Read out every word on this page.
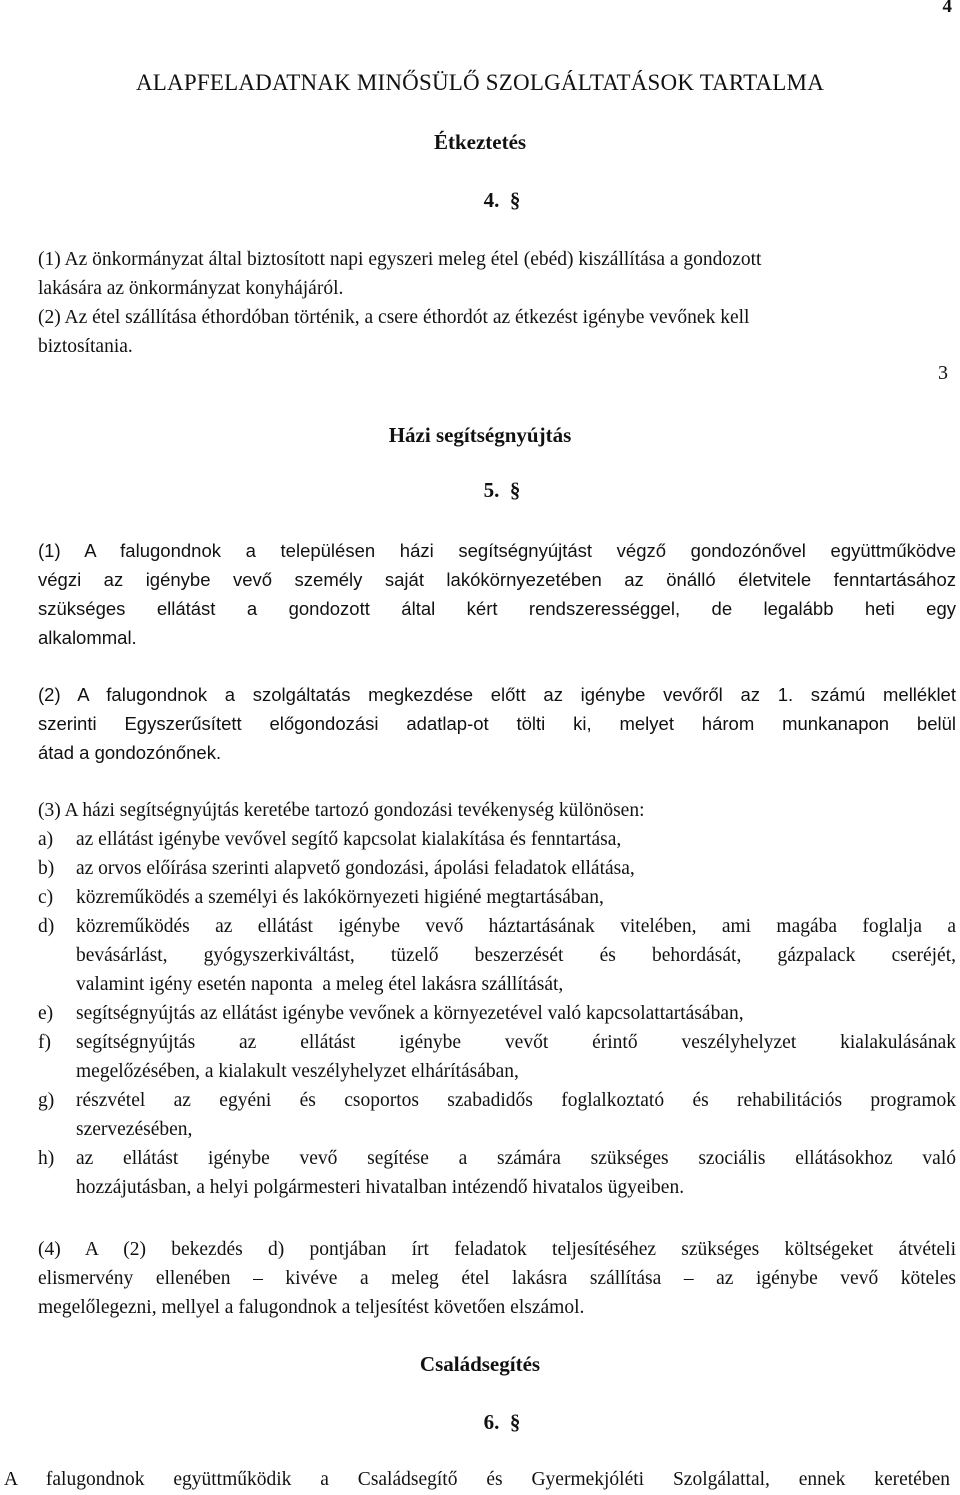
4
3
ALAPFELADATNAK MINŐSÜLŐ SZOLGÁLTATÁSOK TARTALMA
Étkeztetés
4.  §
(1) Az önkormányzat által biztosított napi egyszeri meleg étel (ebéd) kiszállítása a gondozott
lakására az önkormányzat konyhájáról.
(2) Az étel szállítása éthordóban történik, a csere éthordót az étkezést igénybe vevőnek kell
biztosítania.
Házi segítségnyújtás
5.  §
(1) A falugondnok a településen házi segítségnyújtást végző gondozónővel együttműködve
végzi az igénybe vevő személy saját lakókörnyezetében az önálló életvitele fenntartásához
szükséges ellátást a gondozott által kért rendszerességgel, de legalább heti egy
alkalommal.
(2) A falugondnok a szolgáltatás megkezdése előtt az igénybe vevőről az 1. számú melléklet
szerinti Egyszerűsített előgondozási adatlap-ot tölti ki, melyet három munkanapon belül
átad a gondozónőnek.
(3) A házi segítségnyújtás keretébe tartozó gondozási tevékenység különösen:
a) az ellátást igénybe vevővel segítő kapcsolat kialakítása és fenntartása,
b) az orvos előírása szerinti alapvető gondozási, ápolási feladatok ellátása,
c) közreműködés a személyi és lakókörnyezeti higiéné megtartásában,
d) közreműködés az ellátást igénybe vevő háztartásának vitelében, ami magába foglalja a
bevásárlást, gyógyszerkiváltást, tüzelő beszerzését és behordását, gázpalack cseréjét,
valamint igény esetén naponta  a meleg étel lakásra szállítását,
e) segítségnyújtás az ellátást igénybe vevőnek a környezetével való kapcsolattartásában,
f) segítségnyújtás az ellátást igénybe vevőt érintő veszélyhelyzet kialakulásának
megelőzésében, a kialakult veszélyhelyzet elhárításában,
g) részvétel az egyéni és csoportos szabadidős foglalkoztató és rehabilitációs programok
szervezésében,
h) az ellátást igénybe vevő segítése a számára szükséges szociális ellátásokhoz való
hozzájutásban, a helyi polgármesteri hivatalban intézendő hivatalos ügyeiben.
(4) A (2) bekezdés d) pontjában írt feladatok teljesítéséhez szükséges költségeket átvételi
elismervény ellenében – kivéve a meleg étel lakásra szállítása – az igénybe vevő köteles
megelőlegezni, mellyel a falugondnok a teljesítést követően elszámol.
Családsegítés
6.  §
A falugondnok együttműködik a Családsegítő és Gyermekjóléti Szolgálattal, ennek keretében
